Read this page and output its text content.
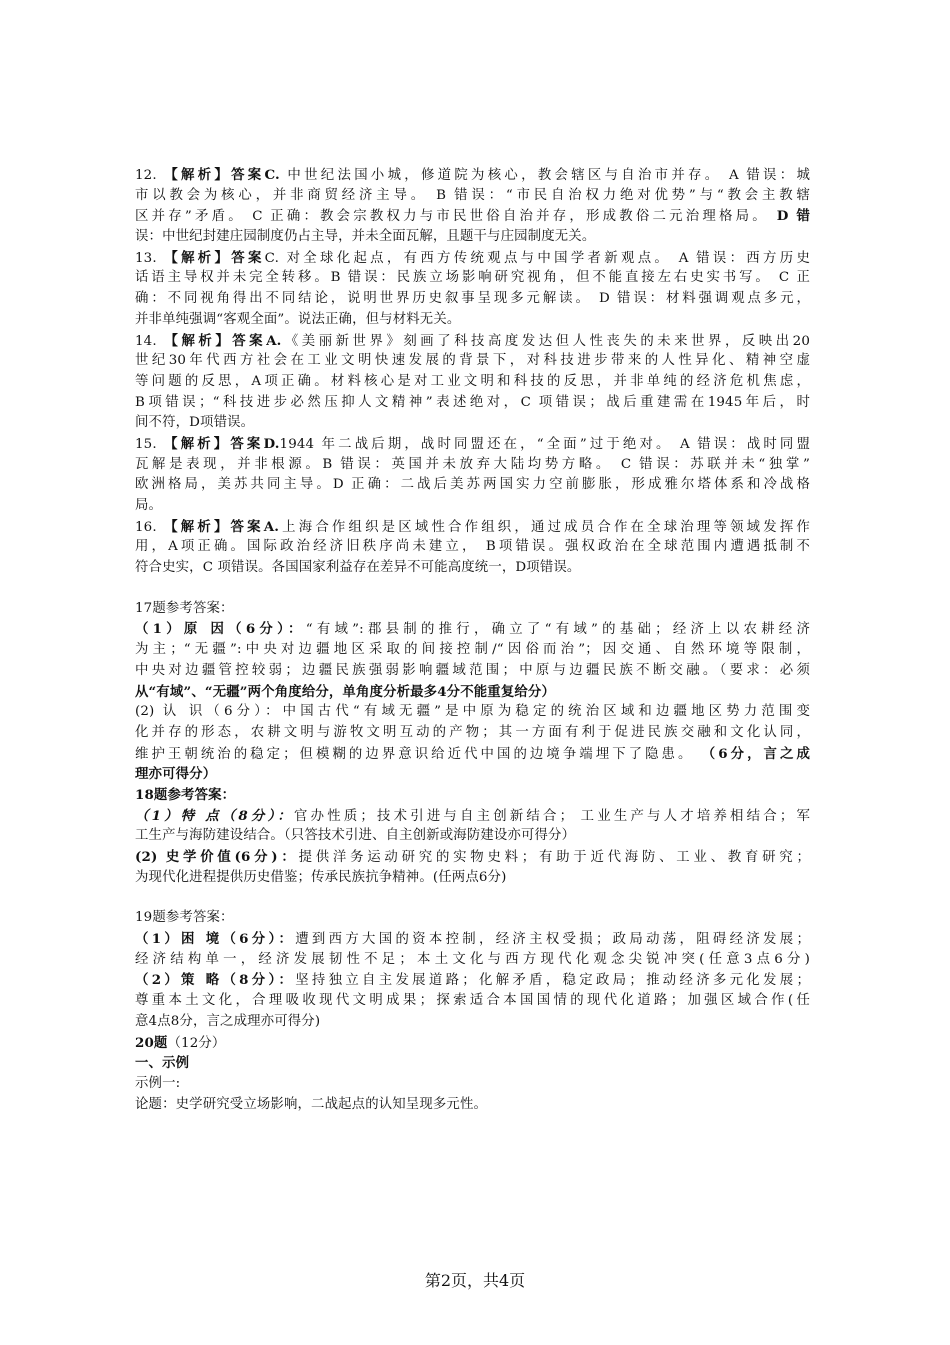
12. 【解析】答案C. 中世纪法国小城，修道院为核心，教会辖区与自治市并存。 A 错误：城
市以教会为核心，并非商贸经济主导。 B 错误：“市民自治权力绝对优势”与“教会主教辖
区并存”矛盾。 C 正确：教会宗教权力与市民世俗自治并存，形成教俗二元治理格局。 D 错
误：中世纪封建庄园制度仍占主导，并未全面瓦解，且题干与庄园制度无关。
13. 【解析】答案C. 对全球化起点，有西方传统观点与中国学者新观点。 A 错误：西方历史
话语主导权并未完全转移。B 错误：民族立场影响研究视角，但不能直接左右史实书写。 C 正
确：不同视角得出不同结论，说明世界历史叙事呈现多元解读。 D 错误：材料强调观点多元，
并非单纯强调“客观全面”。说法正确，但与材料无关。
14. 【解析】答案A.《美丽新世界》刻画了科技高度发达但人性丧失的未来世界，反映出20
世纪30年代西方社会在工业文明快速发展的背景下，对科技进步带来的人性异化、精神空虚
等问题的反思，A项正确。材料核心是对工业文明和科技的反思，并非单纯的经济危机焦虑，
B项错误；“科技进步必然压抑人文精神”表述绝对，C 项错误；战后重建需在1945年后，时
间不符，D项错误。
15. 【解析】答案D.1944 年二战后期，战时同盟还在，“全面”过于绝对。 A 错误：战时同盟
瓦解是表现，并非根源。B 错误：英国并未放弃大陆均势方略。 C 错误：苏联并未“独掌”
欧洲格局，美苏共同主导。D 正确：二战后美苏两国实力空前膨胀，形成雅尔塔体系和冷战格
局。
16. 【解析】答案A.上海合作组织是区域性合作组织，通过成员合作在全球治理等领域发挥作
用，A项正确。国际政治经济旧秩序尚未建立， B项错误。强权政治在全球范围内遭遇抵制不
符合史实，C 项错误。各国国家利益存在差异不可能高度统一，D项错误。
17题参考答案：
（1）原 因（6分）：“有域”:郡县制的推行，确立了“有域”的基础；经济上以农耕经济
为主；“无疆”:中央对边疆地区采取的间接控制/“因俗而治”；因交通、自然环境等限制，
中央对边疆管控较弱；边疆民族强弱影响疆域范围；中原与边疆民族不断交融。（要求：必须
从“有域”、“无疆”两个角度给分，单角度分析最多4分不能重复给分）
(2) 认 识（6分）：中国古代“有域无疆”是中原为稳定的统治区域和边疆地区势力范围变
化并存的形态，农耕文明与游牧文明互动的产物；其一方面有利于促进民族交融和文化认同，
维护王朝统治的稳定；但模糊的边界意识给近代中国的边境争端埋下了隐患。 （6分，言之成
理亦可得分）
18题参考答案：
（1）特 点（8分）：官办性质；技术引进与自主创新结合； 工业生产与人才培养相结合；军
工生产与海防建设结合。（只答技术引进、自主创新或海防建设亦可得分）
(2) 史学价值(6分)：提供洋务运动研究的实物史料；有助于近代海防、工业、教育研究；
为现代化进程提供历史借鉴；传承民族抗争精神。(任两点6分)
19题参考答案：
（1）困 境（6分）：遭到西方大国的资本控制，经济主权受损；政局动荡，阻碍经济发展；
经济结构单一，经济发展韧性不足；本土文化与西方现代化观念尖锐冲突(任意3点6分)
（2）策 略（8分）：坚持独立自主发展道路；化解矛盾，稳定政局；推动经济多元化发展；
尊重本土文化，合理吸收现代文明成果；探索适合本国国情的现代化道路；加强区域合作(任
意4点8分，言之成理亦可得分)
20题（12分）
一、示例
示例一:
论题：史学研究受立场影响，二战起点的认知呈现多元性。
第2页，共4页
